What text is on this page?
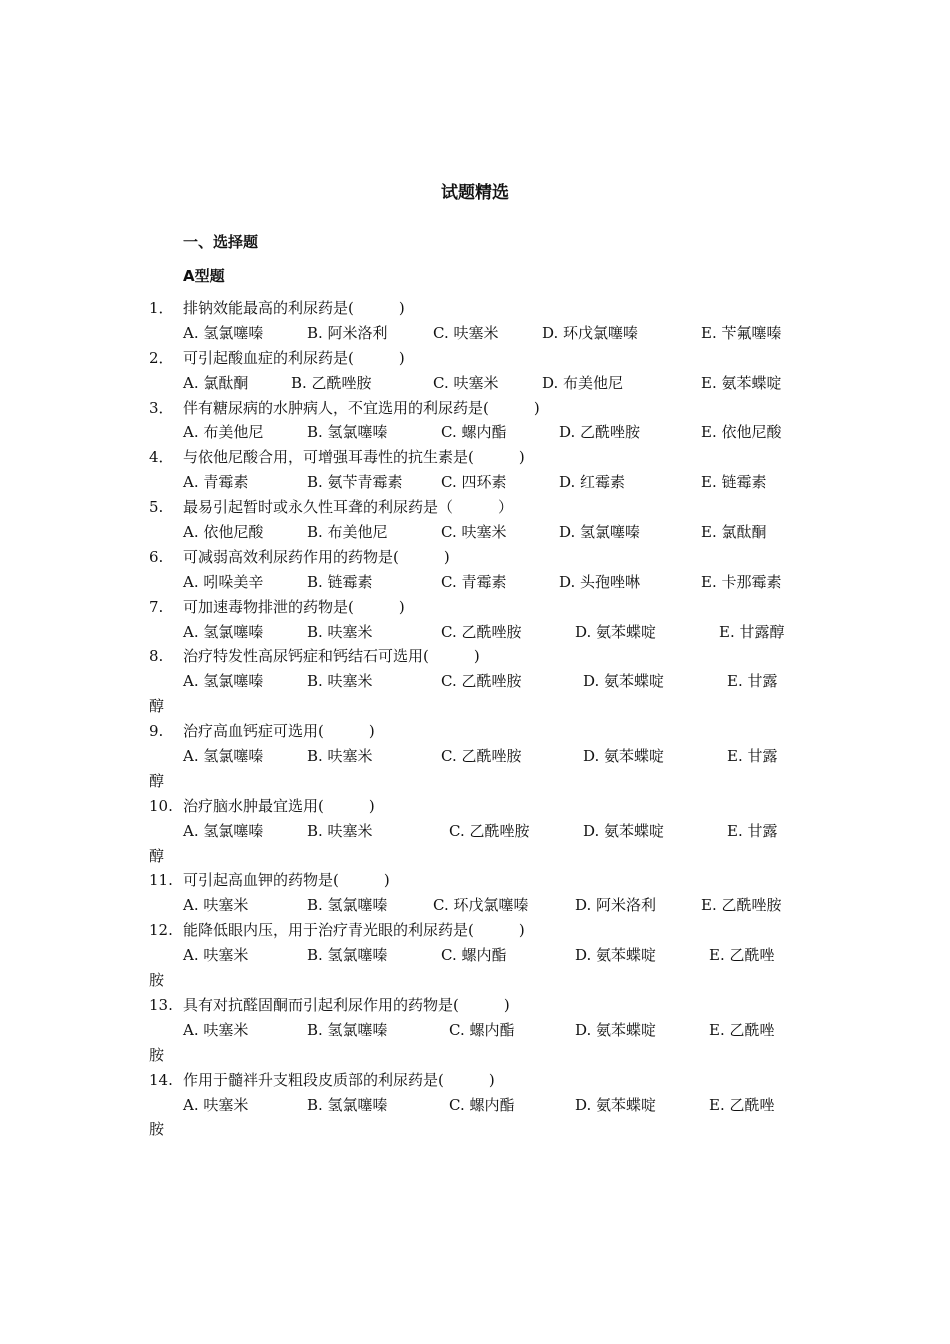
试题精选
一、选择题
A型题
1． 排钠效能最高的利尿药是(　　　)
A. 氢氯噻嗪	B. 阿米洛利	C. 呋塞米	D. 环戊氯噻嗪	E. 苄氟噻嗪
2． 可引起酸血症的利尿药是(　　　)
A. 氯酞酮	B. 乙酰唑胺	C. 呋塞米	D. 布美他尼	E. 氨苯蝶啶
3． 伴有糖尿病的水肿病人，不宜选用的利尿药是(　　　)
A. 布美他尼	B. 氢氯噻嗪	C. 螺内酯	D. 乙酰唑胺	E. 依他尼酸
4． 与依他尼酸合用，可增强耳毒性的抗生素是(　　　)
A. 青霉素	B. 氨苄青霉素	C. 四环素	D. 红霉素	E. 链霉素
5. 最易引起暂时或永久性耳聋的利尿药是（　　　）
A. 依他尼酸	B. 布美他尼	C. 呋塞米	D. 氢氯噻嗪	E. 氯酞酮
6. 可减弱高效利尿药作用的药物是(　　　)
A. 吲哚美辛	B. 链霉素	C. 青霉素	D. 头孢唑啉	E. 卡那霉素
7. 可加速毒物排泄的药物是(　　　)
A. 氢氯噻嗪	B. 呋塞米	C. 乙酰唑胺	D. 氨苯蝶啶	E. 甘露醇
8. 治疗特发性高尿钙症和钙结石可选用(　　　)
A. 氢氯噻嗪	B. 呋塞米	C. 乙酰唑胺	D. 氨苯蝶啶	E. 甘露
醇
9. 治疗高血钙症可选用(　　　)
A. 氢氯噻嗪	B. 呋塞米	C. 乙酰唑胺	D. 氨苯蝶啶	E. 甘露
醇
10. 治疗脑水肿最宜选用(　　　)
A. 氢氯噻嗪	B. 呋塞米	C. 乙酰唑胺	D. 氨苯蝶啶	E. 甘露
醇
11. 可引起高血钾的药物是(　　　)
A. 呋塞米	B. 氢氯噻嗪	C. 环戊氯噻嗪	D. 阿米洛利	E. 乙酰唑胺
12. 能降低眼内压，用于治疗青光眼的利尿药是(　　　)
A. 呋塞米	B. 氢氯噻嗪	C. 螺内酯	D. 氨苯蝶啶	E. 乙酰唑
胺
13. 具有对抗醛固酮而引起利尿作用的药物是(　　　)
A. 呋塞米	B. 氢氯噻嗪	C. 螺内酯	D. 氨苯蝶啶	E. 乙酰唑
胺
14. 作用于髓袢升支粗段皮质部的利尿药是(　　　)
A. 呋塞米	B. 氢氯噻嗪	C. 螺内酯	D. 氨苯蝶啶	E. 乙酰唑
胺
